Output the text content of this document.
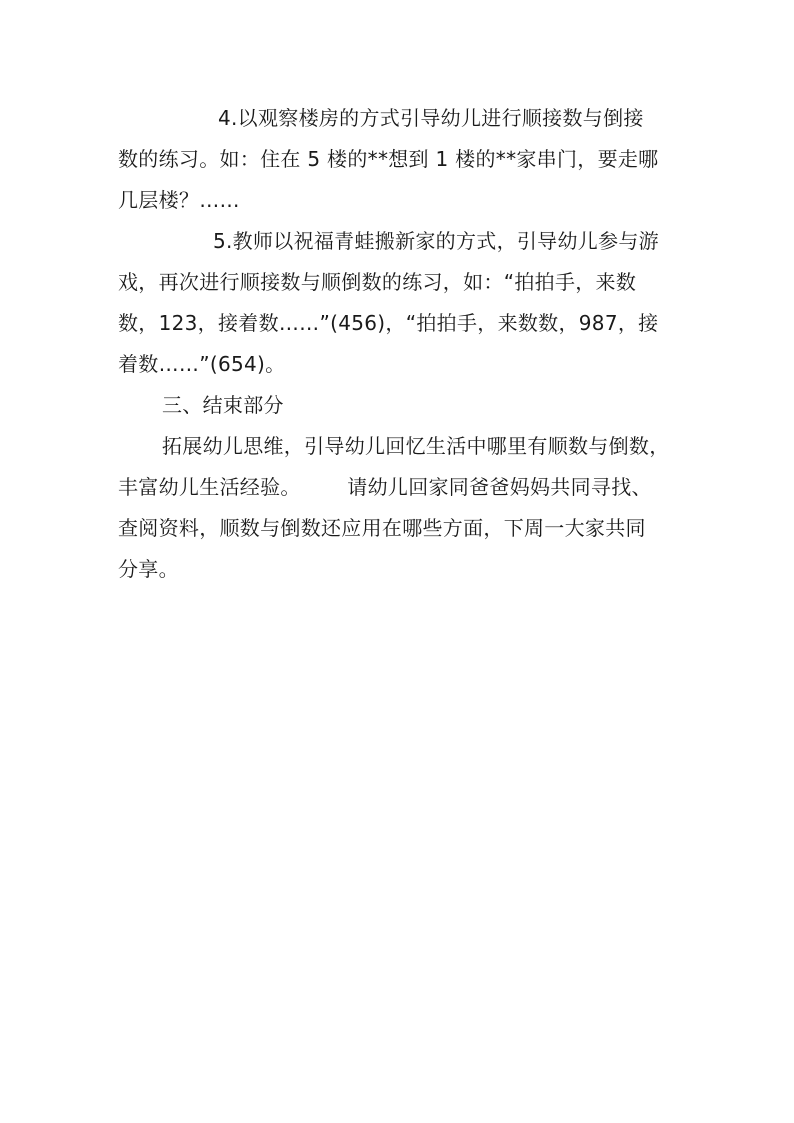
4.以观察楼房的方式引导幼儿进行顺接数与倒接
数的练习。如：住在 5 楼的**想到 1 楼的**家串门，要走哪
几层楼？……
5.教师以祝福青蛙搬新家的方式，引导幼儿参与游
戏，再次进行顺接数与顺倒数的练习，如：“拍拍手，来数
数，123，接着数……”(456)，“拍拍手，来数数，987，接
着数……”(654)。
三、结束部分
拓展幼儿思维，引导幼儿回忆生活中哪里有顺数与倒数，
丰富幼儿生活经验。       请幼儿回家同爸爸妈妈共同寻找、
查阅资料，顺数与倒数还应用在哪些方面，下周一大家共同
分享。
